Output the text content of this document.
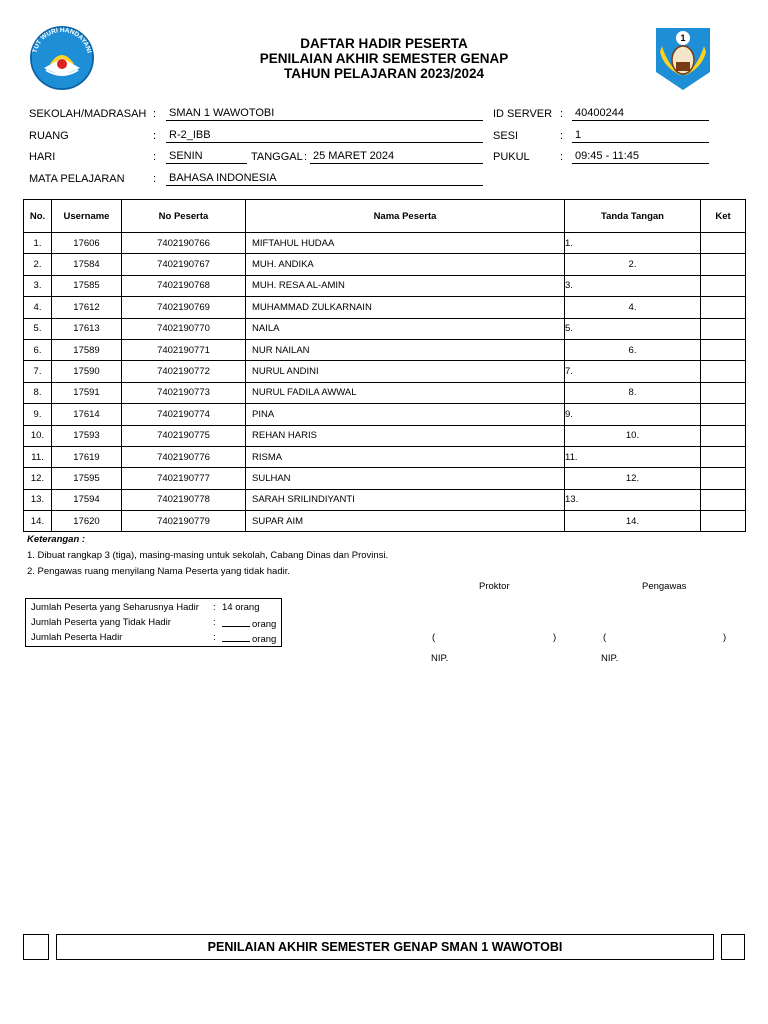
TUT WURI HANDAYANI
DAFTAR HADIR PESERTA
PENILAIAN AKHIR SEMESTER GENAP
TAHUN PELAJARAN 2023/2024
1
SEKOLAH/MADRASAH : SMAN 1 WAWOTOBI
RUANG	: R-2_IBB
HARI	: SENIN	TANGGAL : 25 MARET 2024
MATA PELAJARAN	: BAHASA INDONESIA
ID SERVER : 40400244
SESI	: 1
PUKUL	: 09:45 - 11:45
No.	Username	No Peserta	Nama Peserta	Tanda Tangan	Ket
1.	17606	7402190766	MIFTAHUL HUDAA	1.	
2.	17584	7402190767	MUH. ANDIKA	2.	
3.	17585	7402190768	MUH. RESA AL-AMIN	3.	
4.	17612	7402190769	MUHAMMAD ZULKARNAIN	4.	
5.	17613	7402190770	NAILA	5.	
6.	17589	7402190771	NUR NAILAN	6.	
7.	17590	7402190772	NURUL ANDINI	7.	
8.	17591	7402190773	NURUL FADILA AWWAL	8.	
9.	17614	7402190774	PINA	9.	
10.	17593	7402190775	REHAN HARIS	10.	
11.	17619	7402190776	RISMA	11.	
12.	17595	7402190777	SULHAN	12.	
13.	17594	7402190778	SARAH SRILINDIYANTI	13.	
14.	17620	7402190779	SUPAR AIM	14.	
Keterangan :
1. Dibuat rangkap 3 (tiga), masing-masing untuk sekolah, Cabang Dinas dan Provinsi.
2. Pengawas ruang menyilang Nama Peserta yang tidak hadir.
Jumlah Peserta yang Seharusnya Hadir : 14 orang
Jumlah Peserta yang Tidak Hadir	:	orang
Jumlah Peserta Hadir	:	orang
Proktor	Pengawas
(	)	(	)
NIP.	NIP.
PENILAIAN AKHIR SEMESTER GENAP SMAN 1 WAWOTOBI
